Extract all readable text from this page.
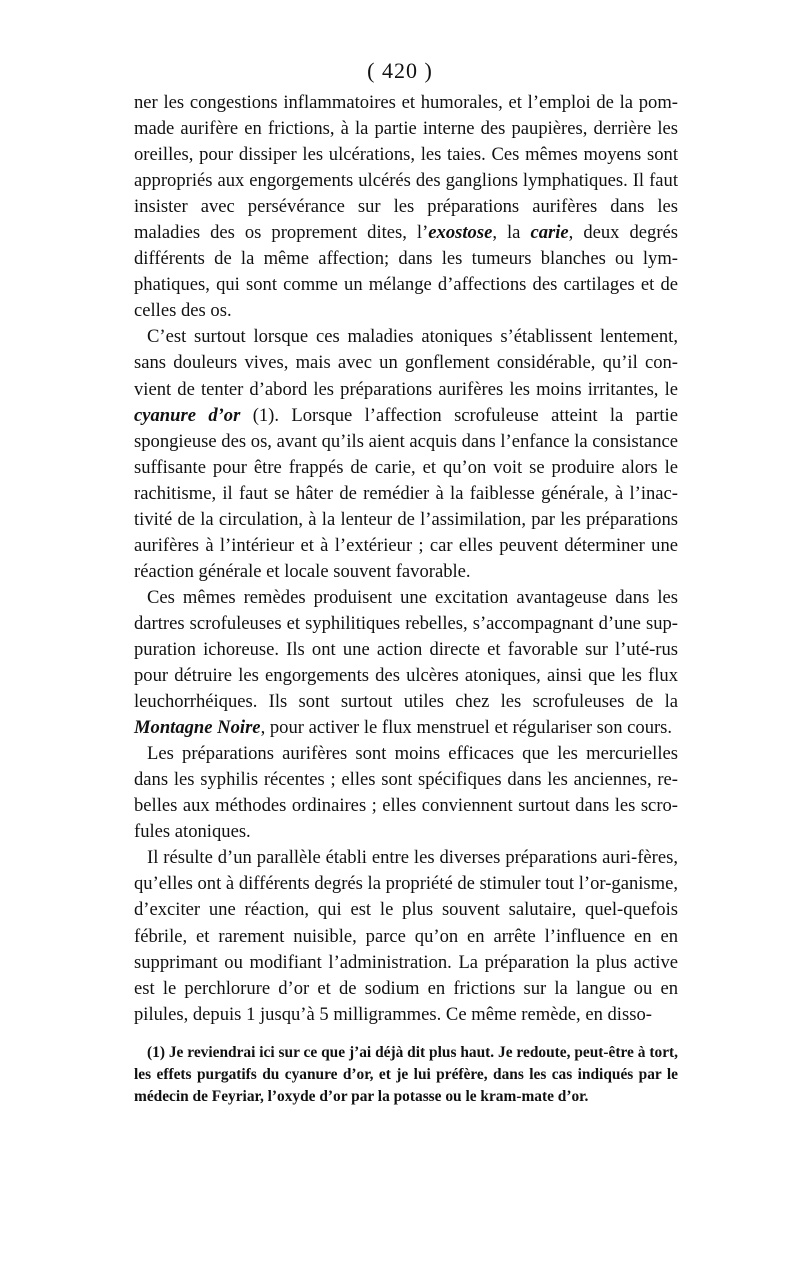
( 420 )

ner les congestions inflammatoires et humorales, et l’emploi de la pom-made aurifère en frictions, à la partie interne des paupières, derrière les oreilles, pour dissiper les ulcérations, les taies. Ces mêmes moyens sont appropriés aux engorgements ulcérés des ganglions lymphatiques. Il faut insister avec persévérance sur les préparations aurifères dans les maladies des os proprement dites, l’exostose, la carie, deux degrés différents de la même affection; dans les tumeurs blanches ou lym-phatiques, qui sont comme un mélange d’affections des cartilages et de celles des os.

C’est surtout lorsque ces maladies atoniques s’établissent lentement, sans douleurs vives, mais avec un gonflement considérable, qu’il con-vient de tenter d’abord les préparations aurifères les moins irritantes, le cyanure d’or (1). Lorsque l’affection scrofuleuse atteint la partie spongieuse des os, avant qu’ils aient acquis dans l’enfance la consistance suffisante pour être frappés de carie, et qu’on voit se produire alors le rachitisme, il faut se hâter de remédier à la faiblesse générale, à l’inac-tivité de la circulation, à la lenteur de l’assimilation, par les préparations aurifères à l’intérieur et à l’extérieur ; car elles peuvent déterminer une réaction générale et locale souvent favorable.

Ces mêmes remèdes produisent une excitation avantageuse dans les dartres scrofuleuses et syphilitiques rebelles, s’accompagnant d’une sup-puration ichoreuse. Ils ont une action directe et favorable sur l’uté-rus pour détruire les engorgements des ulcères atoniques, ainsi que les flux leuchorrhéiques. Ils sont surtout utiles chez les scrofuleuses de la Montagne Noire, pour activer le flux menstruel et régulariser son cours.

Les préparations aurifères sont moins efficaces que les mercurielles dans les syphilis récentes ; elles sont spécifiques dans les anciennes, re-belles aux méthodes ordinaires ; elles conviennent surtout dans les scro-fules atoniques.

Il résulte d’un parallèle établi entre les diverses préparations auri-fères, qu’elles ont à différents degrés la propriété de stimuler tout l’or-ganisme, d’exciter une réaction, qui est le plus souvent salutaire, quel-quefois fébrile, et rarement nuisible, parce qu’on en arrête l’influence en en supprimant ou modifiant l’administration. La préparation la plus active est le perchlorure d’or et de sodium en frictions sur la langue ou en pilules, depuis 1 jusqu’à 5 milligrammes. Ce même remède, en disso-

(1) Je reviendrai ici sur ce que j’ai déjà dit plus haut. Je redoute, peut-être à tort, les effets purgatifs du cyanure d’or, et je lui préfère, dans les cas indiqués par le médecin de Feyriar, l’oxyde d’or par la potasse ou le kram-mate d’or.
